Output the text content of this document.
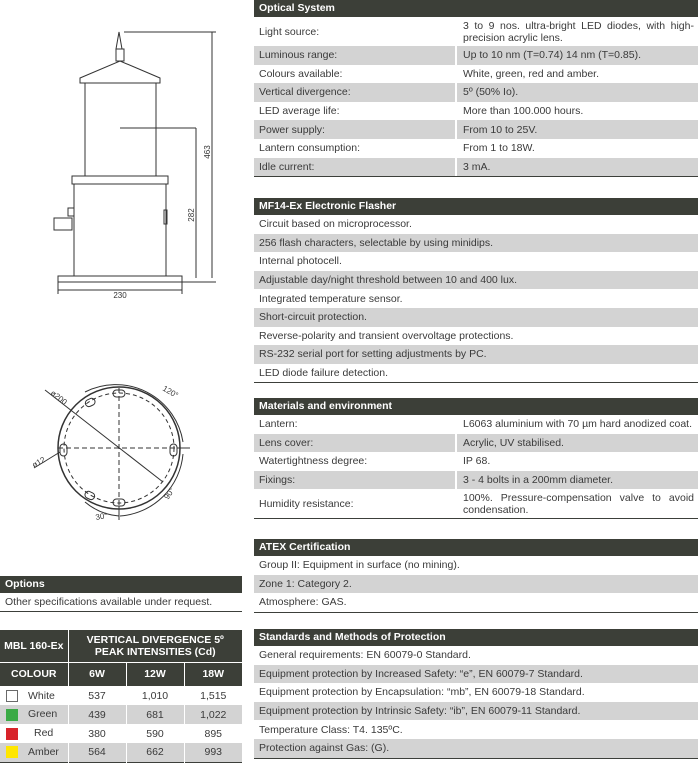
463
282
230
ø200
ø12
120°
90°
30°
Optical System
Light source:	3 to 9 nos. ultra-bright LED diodes, with high-precision acrylic lens.
Luminous range:	Up to 10 nm (T=0.74) 14 nm (T=0.85).
Colours available:	White, green, red and amber.
Vertical divergence:	5º (50% Io).
LED average life:	More than 100.000 hours.
Power supply:	From 10 to 25V.
Lantern consumption:	From 1 to 18W.
Idle current:	3 mA.
MF14-Ex Electronic Flasher
Circuit based on microprocessor.
256 flash characters, selectable by using minidips.
Internal photocell.
Adjustable day/night threshold between 10 and 400 lux.
Integrated temperature sensor.
Short-circuit protection.
Reverse-polarity and transient overvoltage protections.
RS-232 serial port for setting adjustments by PC.
LED diode failure detection.
Materials and environment
Lantern:	L6063 aluminium with 70 µm hard anodized coat.
Lens cover:	Acrylic, UV stabilised.
Watertightness degree:	IP 68.
Fixings:	3 - 4 bolts in a 200mm diameter.
Humidity resistance:	100%. Pressure-compensation valve to avoid condensation.
ATEX Certification
Group II: Equipment in surface (no mining).
Zone 1: Category 2.
Atmosphere: GAS.
Standards and Methods of Protection
General requirements: EN 60079-0 Standard.
Equipment protection by Increased Safety: “e”, EN 60079-7 Standard.
Equipment protection by Encapsulation: “mb”, EN 60079-18 Standard.
Equipment protection by Intrinsic Safety: “ib”, EN 60079-11 Standard.
Temperature Class: T4. 135ºC.
Protection against Gas: (G).
Options
Other specifications available under request.
MBL 160-Ex	VERTICAL DIVERGENCE 5º
PEAK INTENSITIES (Cd)		
COLOUR	6W	12W	18W
White	537	1,010	1,515
Green	439	681	1,022
Red	380	590	895
Amber	564	662	993
